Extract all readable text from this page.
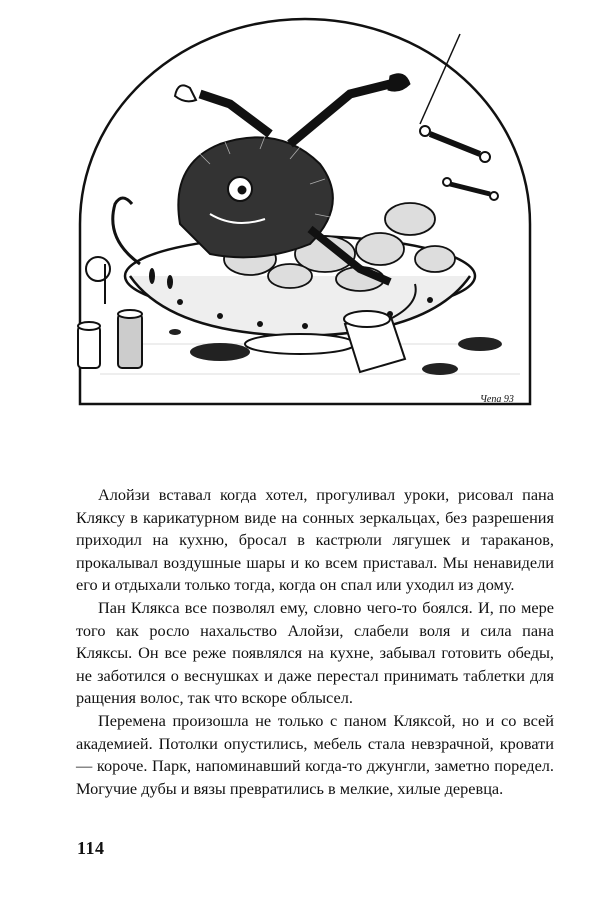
Чепа 93

Алойзи вставал когда хотел, прогуливал уроки, рисовал пана Кляксу в карикатурном виде на сонных зеркальцах, без разрешения приходил на кухню, бросал в кастрюли лягушек и тараканов, прокалывал воздушные шары и ко всем приставал. Мы ненавидели его и отдыхали только тогда, когда он спал или уходил из дому.

Пан Клякса все позволял ему, словно чего-то боялся. И, по мере того как росло нахальство Алойзи, слабели воля и сила пана Кляксы. Он все реже появлялся на кухне, забывал готовить обеды, не заботился о веснушках и даже перестал принимать таблетки для ращения волос, так что вскоре облысел.

Перемена произошла не только с паном Кляксой, но и со всей академией. Потолки опустились, мебель стала невзрачной, кровати — короче. Парк, напоминавший когда-то джунгли, заметно поредел. Могучие дубы и вязы превратились в мелкие, хилые деревца.

114
